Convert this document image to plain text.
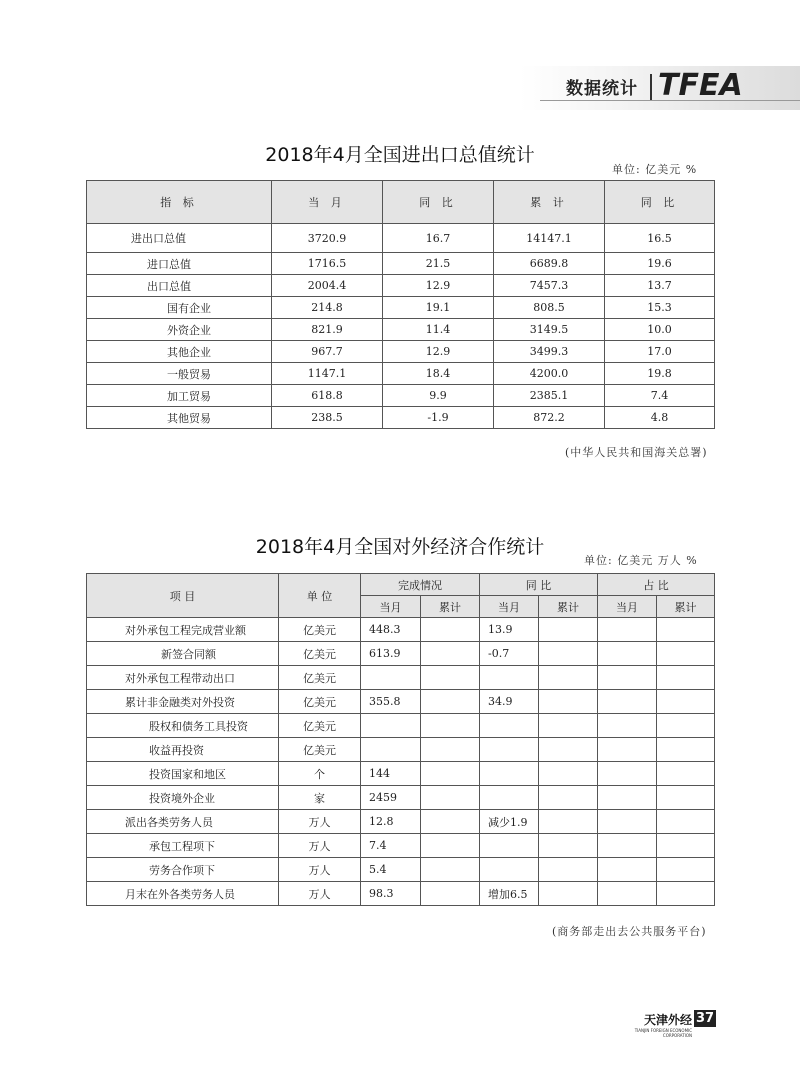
数据统计 TFEA
2018年4月全国进出口总值统计
单位: 亿美元 %
指 标	当 月	同 比	累 计	同 比
进出口总值	3720.9	16.7	14147.1	16.5
进口总值	1716.5	21.5	6689.8	19.6
出口总值	2004.4	12.9	7457.3	13.7
国有企业	214.8	19.1	808.5	15.3
外资企业	821.9	11.4	3149.5	10.0
其他企业	967.7	12.9	3499.3	17.0
一般贸易	1147.1	18.4	4200.0	19.8
加工贸易	618.8	9.9	2385.1	7.4
其他贸易	238.5	-1.9	872.2	4.8
(中华人民共和国海关总署)
2018年4月全国对外经济合作统计
单位: 亿美元 万人 %
项 目	单 位	完成情况		同 比		占 比	
		当月	累计	当月	累计	当月	累计
对外承包工程完成营业额	亿美元	448.3		13.9			
新签合同额	亿美元	613.9		-0.7			
对外承包工程带动出口	亿美元						
累计非金融类对外投资	亿美元	355.8		34.9			
股权和债务工具投资	亿美元						
收益再投资	亿美元						
投资国家和地区	个	144					
投资境外企业	家	2459					
派出各类劳务人员	万人	12.8		减少1.9			
承包工程项下	万人	7.4					
劳务合作项下	万人	5.4					
月末在外各类劳务人员	万人	98.3		增加6.5			
(商务部走出去公共服务平台)
天津外经
TIANJIN FOREIGN ECONOMIC CORPORATION
37
